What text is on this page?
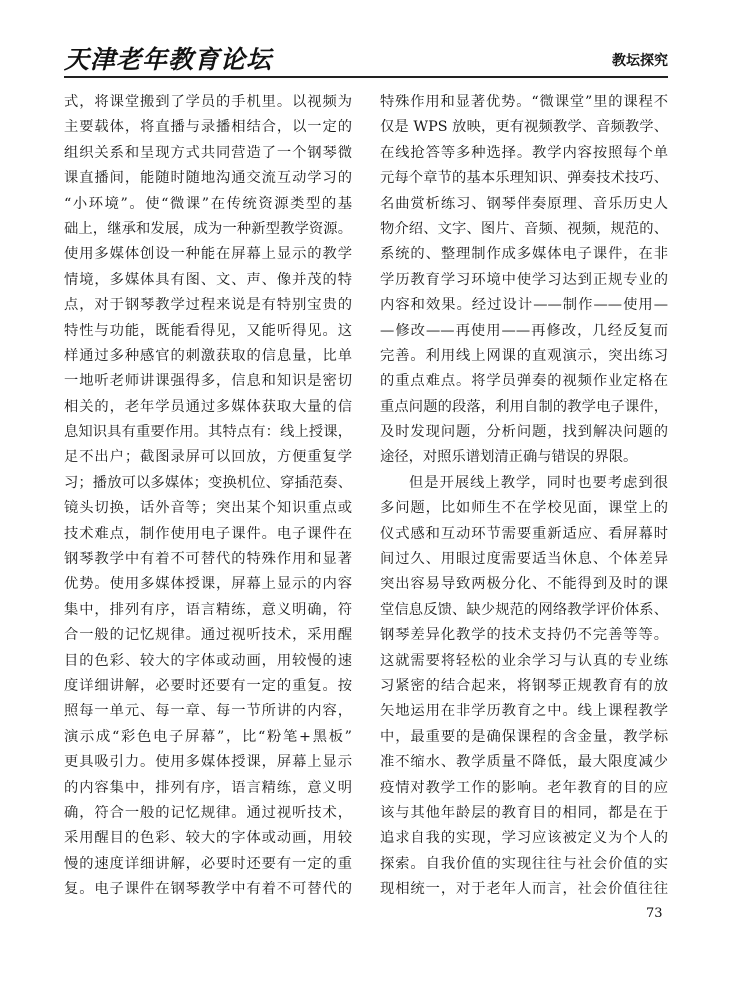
天津老年教育论坛	教坛探究
式，将课堂搬到了学员的手机里。以视频为
主要载体，将直播与录播相结合，以一定的
组织关系和呈现方式共同营造了一个钢琴微
课直播间，能随时随地沟通交流互动学习的
“小环境”。使“微课”在传统资源类型的基
础上，继承和发展，成为一种新型教学资源。
使用多媒体创设一种能在屏幕上显示的教学
情境，多媒体具有图、文、声、像并茂的特
点，对于钢琴教学过程来说是有特别宝贵的
特性与功能，既能看得见，又能听得见。这
样通过多种感官的刺激获取的信息量，比单
一地听老师讲课强得多，信息和知识是密切
相关的，老年学员通过多媒体获取大量的信
息知识具有重要作用。其特点有：线上授课，
足不出户；截图录屏可以回放，方便重复学
习；播放可以多媒体；变换机位、穿插范奏、
镜头切换，话外音等；突出某个知识重点或
技术难点，制作使用电子课件。电子课件在
钢琴教学中有着不可替代的特殊作用和显著
优势。使用多媒体授课，屏幕上显示的内容
集中，排列有序，语言精练，意义明确，符
合一般的记忆规律。通过视听技术，采用醒
目的色彩、较大的字体或动画，用较慢的速
度详细讲解，必要时还要有一定的重复。按
照每一单元、每一章、每一节所讲的内容，
演示成“彩色电子屏幕”，比“粉笔+黑板”
更具吸引力。使用多媒体授课，屏幕上显示
的内容集中，排列有序，语言精练，意义明
确，符合一般的记忆规律。通过视听技术，
采用醒目的色彩、较大的字体或动画，用较
慢的速度详细讲解，必要时还要有一定的重
复。电子课件在钢琴教学中有着不可替代的
特殊作用和显著优势。“微课堂”里的课程不
仅是 WPS 放映，更有视频教学、音频教学、
在线抢答等多种选择。教学内容按照每个单
元每个章节的基本乐理知识、弹奏技术技巧、
名曲赏析练习、钢琴伴奏原理、音乐历史人
物介绍、文字、图片、音频、视频，规范的、
系统的、整理制作成多媒体电子课件，在非
学历教育学习环境中使学习达到正规专业的
内容和效果。经过设计——制作——使用—
—修改——再使用——再修改，几经反复而
完善。利用线上网课的直观演示，突出练习
的重点难点。将学员弹奏的视频作业定格在
重点问题的段落，利用自制的教学电子课件，
及时发现问题，分析问题，找到解决问题的
途径，对照乐谱划清正确与错误的界限。
但是开展线上教学，同时也要考虑到很
多问题，比如师生不在学校见面，课堂上的
仪式感和互动环节需要重新适应、看屏幕时
间过久、用眼过度需要适当休息、个体差异
突出容易导致两极分化、不能得到及时的课
堂信息反馈、缺少规范的网络教学评价体系、
钢琴差异化教学的技术支持仍不完善等等。
这就需要将轻松的业余学习与认真的专业练
习紧密的结合起来，将钢琴正规教育有的放
矢地运用在非学历教育之中。线上课程教学
中，最重要的是确保课程的含金量，教学标
准不缩水、教学质量不降低，最大限度减少
疫情对教学工作的影响。老年教育的目的应
该与其他年龄层的教育目的相同，都是在于
追求自我的实现，学习应该被定义为个人的
探索。自我价值的实现往往与社会价值的实
现相统一，对于老年人而言，社会价值往往
73
